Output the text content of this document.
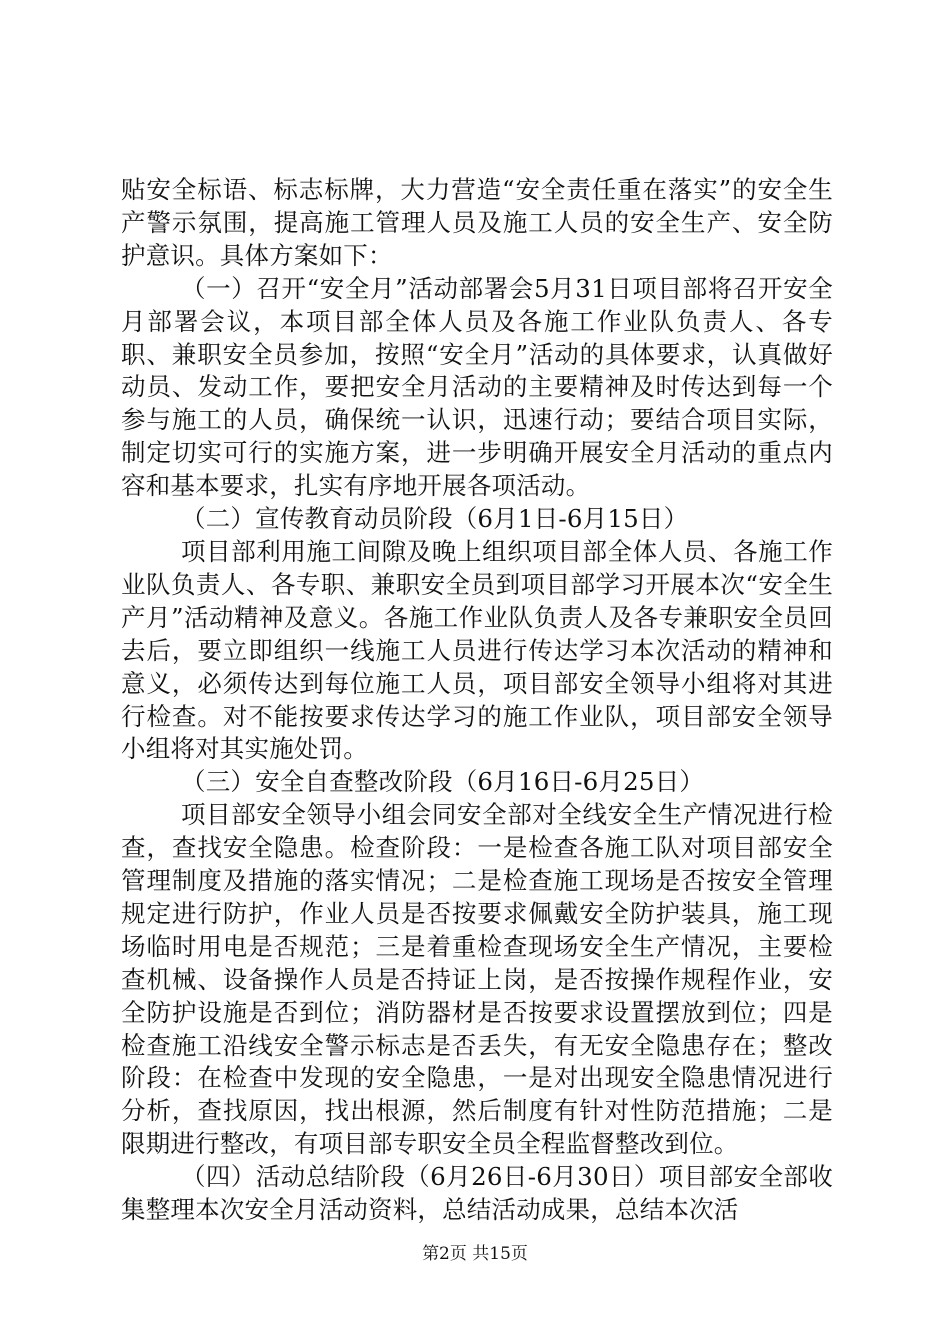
贴安全标语、标志标牌，大力营造“安全责任重在落实”的安全生产警示氛围，提高施工管理人员及施工人员的安全生产、安全防护意识。具体方案如下：

（一）召开“安全月”活动部署会5月31日项目部将召开安全月部署会议，本项目部全体人员及各施工作业队负责人、各专职、兼职安全员参加，按照“安全月”活动的具体要求，认真做好动员、发动工作，要把安全月活动的主要精神及时传达到每一个参与施工的人员，确保统一认识，迅速行动；要结合项目实际，制定切实可行的实施方案，进一步明确开展安全月活动的重点内容和基本要求，扎实有序地开展各项活动。

（二）宣传教育动员阶段（6月1日-6月15日）

项目部利用施工间隙及晚上组织项目部全体人员、各施工作业队负责人、各专职、兼职安全员到项目部学习开展本次“安全生产月”活动精神及意义。各施工作业队负责人及各专兼职安全员回去后，要立即组织一线施工人员进行传达学习本次活动的精神和意义，必须传达到每位施工人员，项目部安全领导小组将对其进行检查。对不能按要求传达学习的施工作业队，项目部安全领导小组将对其实施处罚。

（三）安全自查整改阶段（6月16日-6月25日）

项目部安全领导小组会同安全部对全线安全生产情况进行检查，查找安全隐患。检查阶段：一是检查各施工队对项目部安全管理制度及措施的落实情况；二是检查施工现场是否按安全管理规定进行防护，作业人员是否按要求佩戴安全防护装具，施工现场临时用电是否规范；三是着重检查现场安全生产情况，主要检查机械、设备操作人员是否持证上岗，是否按操作规程作业，安全防护设施是否到位；消防器材是否按要求设置摆放到位；四是检查施工沿线安全警示标志是否丢失，有无安全隐患存在；整改阶段：在检查中发现的安全隐患，一是对出现安全隐患情况进行分析，查找原因，找出根源，然后制度有针对性防范措施；二是限期进行整改，有项目部专职安全员全程监督整改到位。

（四）活动总结阶段（6月26日-6月30日）项目部安全部收集整理本次安全月活动资料，总结活动成果，总结本次活

第2页 共15页
